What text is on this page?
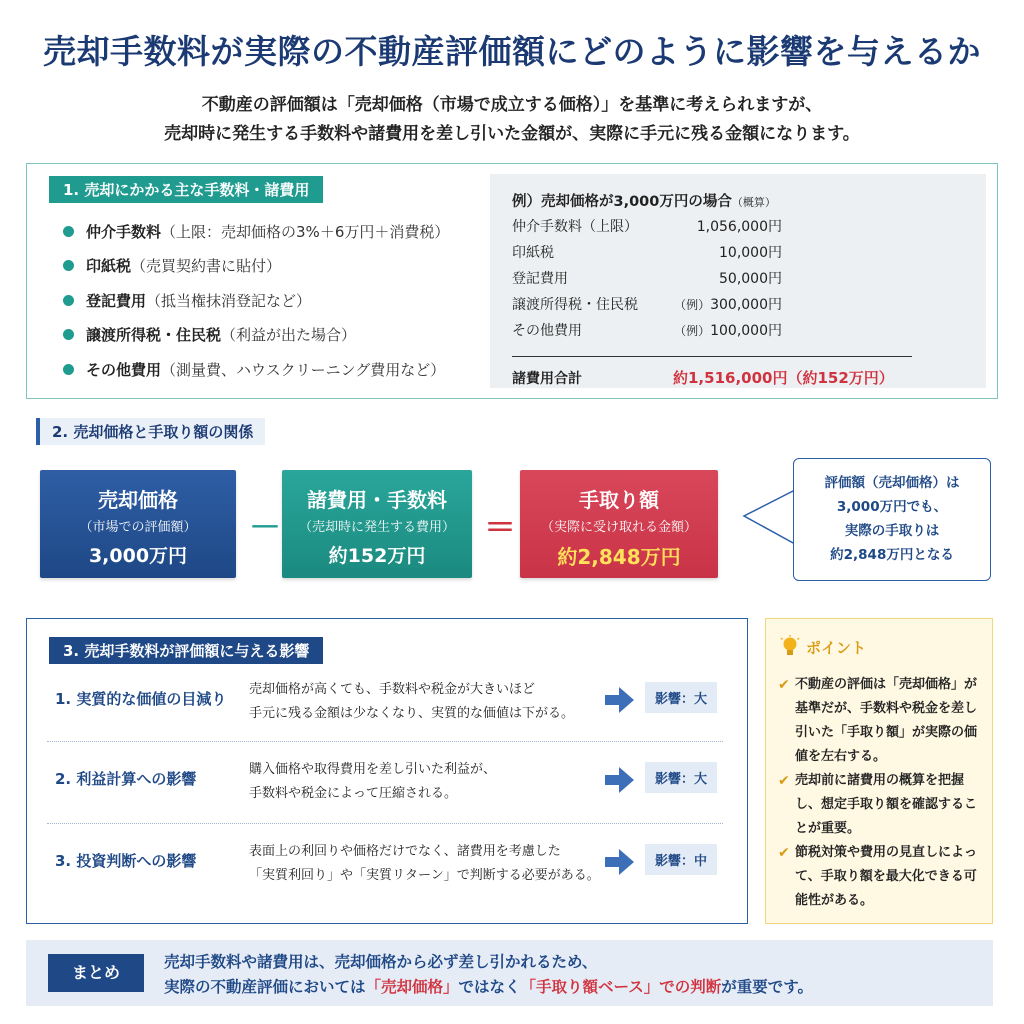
売却手数料が実際の不動産評価額にどのように影響を与えるか
不動産の評価額は「売却価格（市場で成立する価格）」を基準に考えられますが、
売却時に発生する手数料や諸費用を差し引いた金額が、実際に手元に残る金額になります。
1. 売却にかかる主な手数料・諸費用
仲介手数料 （上限：売却価格の3%＋6万円＋消費税）
印紙税 （売買契約書に貼付）
登記費用 （抵当権抹消登記など）
譲渡所得税・住民税 （利益が出た場合）
その他費用 （測量費、ハウスクリーニング費用など）
例）売却価格が3,000万円の場合（概算）
仲介手数料（上限）	1,056,000円
印紙税	10,000円
登記費用	50,000円
譲渡所得税・住民税	（例）300,000円
その他費用	（例）100,000円
諸費用合計	約1,516,000円（約152万円）
2. 売却価格と手取り額の関係
売却価格
（市場での評価額）
3,000万円
－
諸費用・手数料
（売却時に発生する費用）
約152万円
＝
手取り額
（実際に受け取れる金額）
約2,848万円
評価額（売却価格）は
3,000万円でも、
実際の手取りは
約2,848万円となる
3. 売却手数料が評価額に与える影響
1. 実質的な価値の目減り
売却価格が高くても、手数料や税金が大きいほど
手元に残る金額は少なくなり、実質的な価値は下がる。
影響：大
2. 利益計算への影響
購入価格や取得費用を差し引いた利益が、
手数料や税金によって圧縮される。
影響：大
3. 投資判断への影響
表面上の利回りや価格だけでなく、諸費用を考慮した
「実質利回り」や「実質リターン」で判断する必要がある。
影響：中
ポイント
✔ 不動産の評価は「売却価格」が基準だが、手数料や税金を差し引いた「手取り額」が実際の価値を左右する。
✔ 売却前に諸費用の概算を把握し、想定手取り額を確認することが重要。
✔ 節税対策や費用の見直しによって、手取り額を最大化できる可能性がある。
まとめ
売却手数料や諸費用は、売却価格から必ず差し引かれるため、
実際の不動産評価においては「売却価格」ではなく「手取り額ベース」での判断が重要です。
